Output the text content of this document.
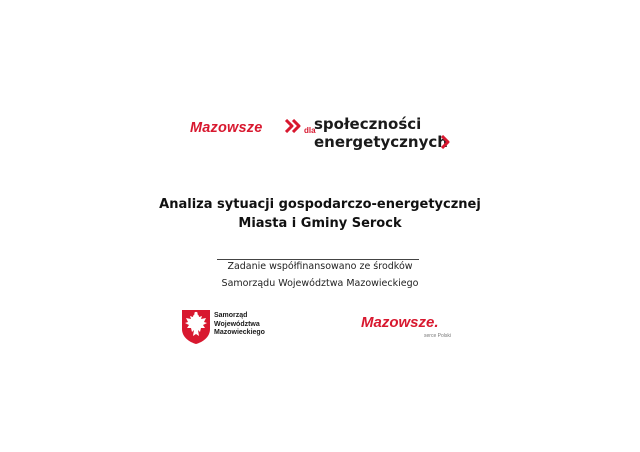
Mazowsze	dla
społeczności
energetycznych
Analiza sytuacji gospodarczo-energetycznej
Miasta i Gminy Serock
Zadanie współfinansowano ze środków
Samorządu Województwa Mazowieckiego
Samorząd
Województwa
Mazowieckiego
Mazowsze.
serce Polski
